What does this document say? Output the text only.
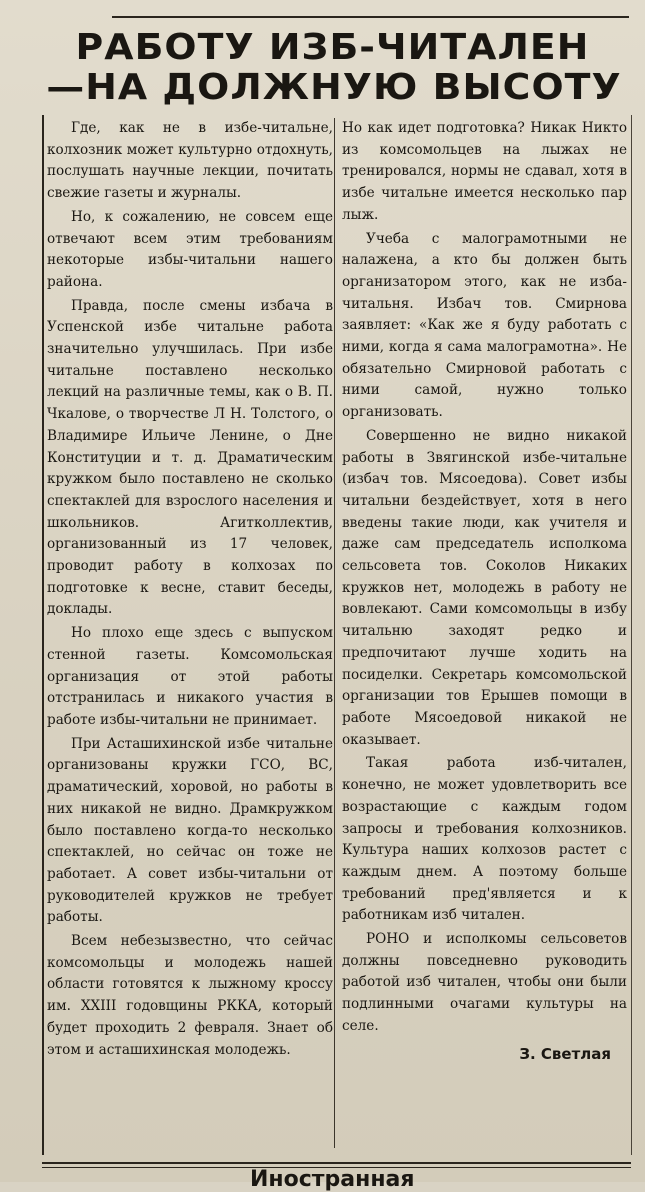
РАБОТУ ИЗБ-ЧИТАЛЕН
—НА ДОЛЖНУЮ ВЫСОТУ

Где, как не в избе-читальне, колхозник может культурно отдохнуть, послушать научные лекции, почитать свежие газеты и журналы.

Но, к сожалению, не совсем еще отвечают всем этим требованиям некоторые избы-читальни нашего района.

Правда, после смены избача в Успенской избе читальне работа значительно улучшилась. При избе читальне поставлено несколько лекций на различные темы, как о В. П. Чкалове, о творчестве Л Н. Толстого, о Владимире Ильиче Ленине, о Дне Конституции и т. д. Драматическим кружком было поставлено не сколько спектаклей для взрослого населения и школьников. Агитколлектив, организованный из 17 человек, проводит работу в колхозах по подготовке к весне, ставит беседы, доклады.

Но плохо еще здесь с выпуском стенной газеты. Комсомольская организация от этой работы отстранилась и никакого участия в работе избы-читальни не принимает.

При Асташихинской избе читальне организованы кружки ГСО, ВС, драматический, хоровой, но работы в них никакой не видно. Драмкружком было поставлено когда-то несколько спектаклей, но сейчас он тоже не работает. А совет избы-читальни от руководителей кружков не требует работы.

Всем небезызвестно, что сейчас комсомольцы и молодежь нашей области готовятся к лыжному кроссу им. XXIII годовщины РККА, который будет проходить 2 февраля. Знает об этом и асташихинская молодежь.

Но как идет подготовка? Никак Никто из комсомольцев на лыжах не тренировался, нормы не сдавал, хотя в избе читальне имеется несколько пар лыж.

Учеба с малограмотными не налажена, а кто бы должен быть организатором этого, как не изба-читальня. Избач тов. Смирнова заявляет: «Как же я буду работать с ними, когда я сама малограмотна». Не обязательно Смирновой работать с ними самой, нужно только организовать.

Совершенно не видно никакой работы в Звягинской избе-читальне (избач тов. Мясоедова). Совет избы читальни бездействует, хотя в него введены такие люди, как учителя и даже сам председатель исполкома сельсовета тов. Соколов Никаких кружков нет, молодежь в работу не вовлекают. Сами комсомольцы в избу читальню заходят редко и предпочитают лучше ходить на посиделки. Секретарь комсомольской организации тов Ерышев помощи в работе Мясоедовой никакой не оказывает.

Такая работа изб-читален, конечно, не может удовлетворить все возрастающие с каждым годом запросы и требования колхозников. Культура наших колхозов растет с каждым днем. А поэтому больше требований пред'является и к работникам изб читален.

РОНО и исполкомы сельсоветов должны повседневно руководить работой изб читален, чтобы они были подлинными очагами культуры на селе.

З. Светлая
Иностранная
